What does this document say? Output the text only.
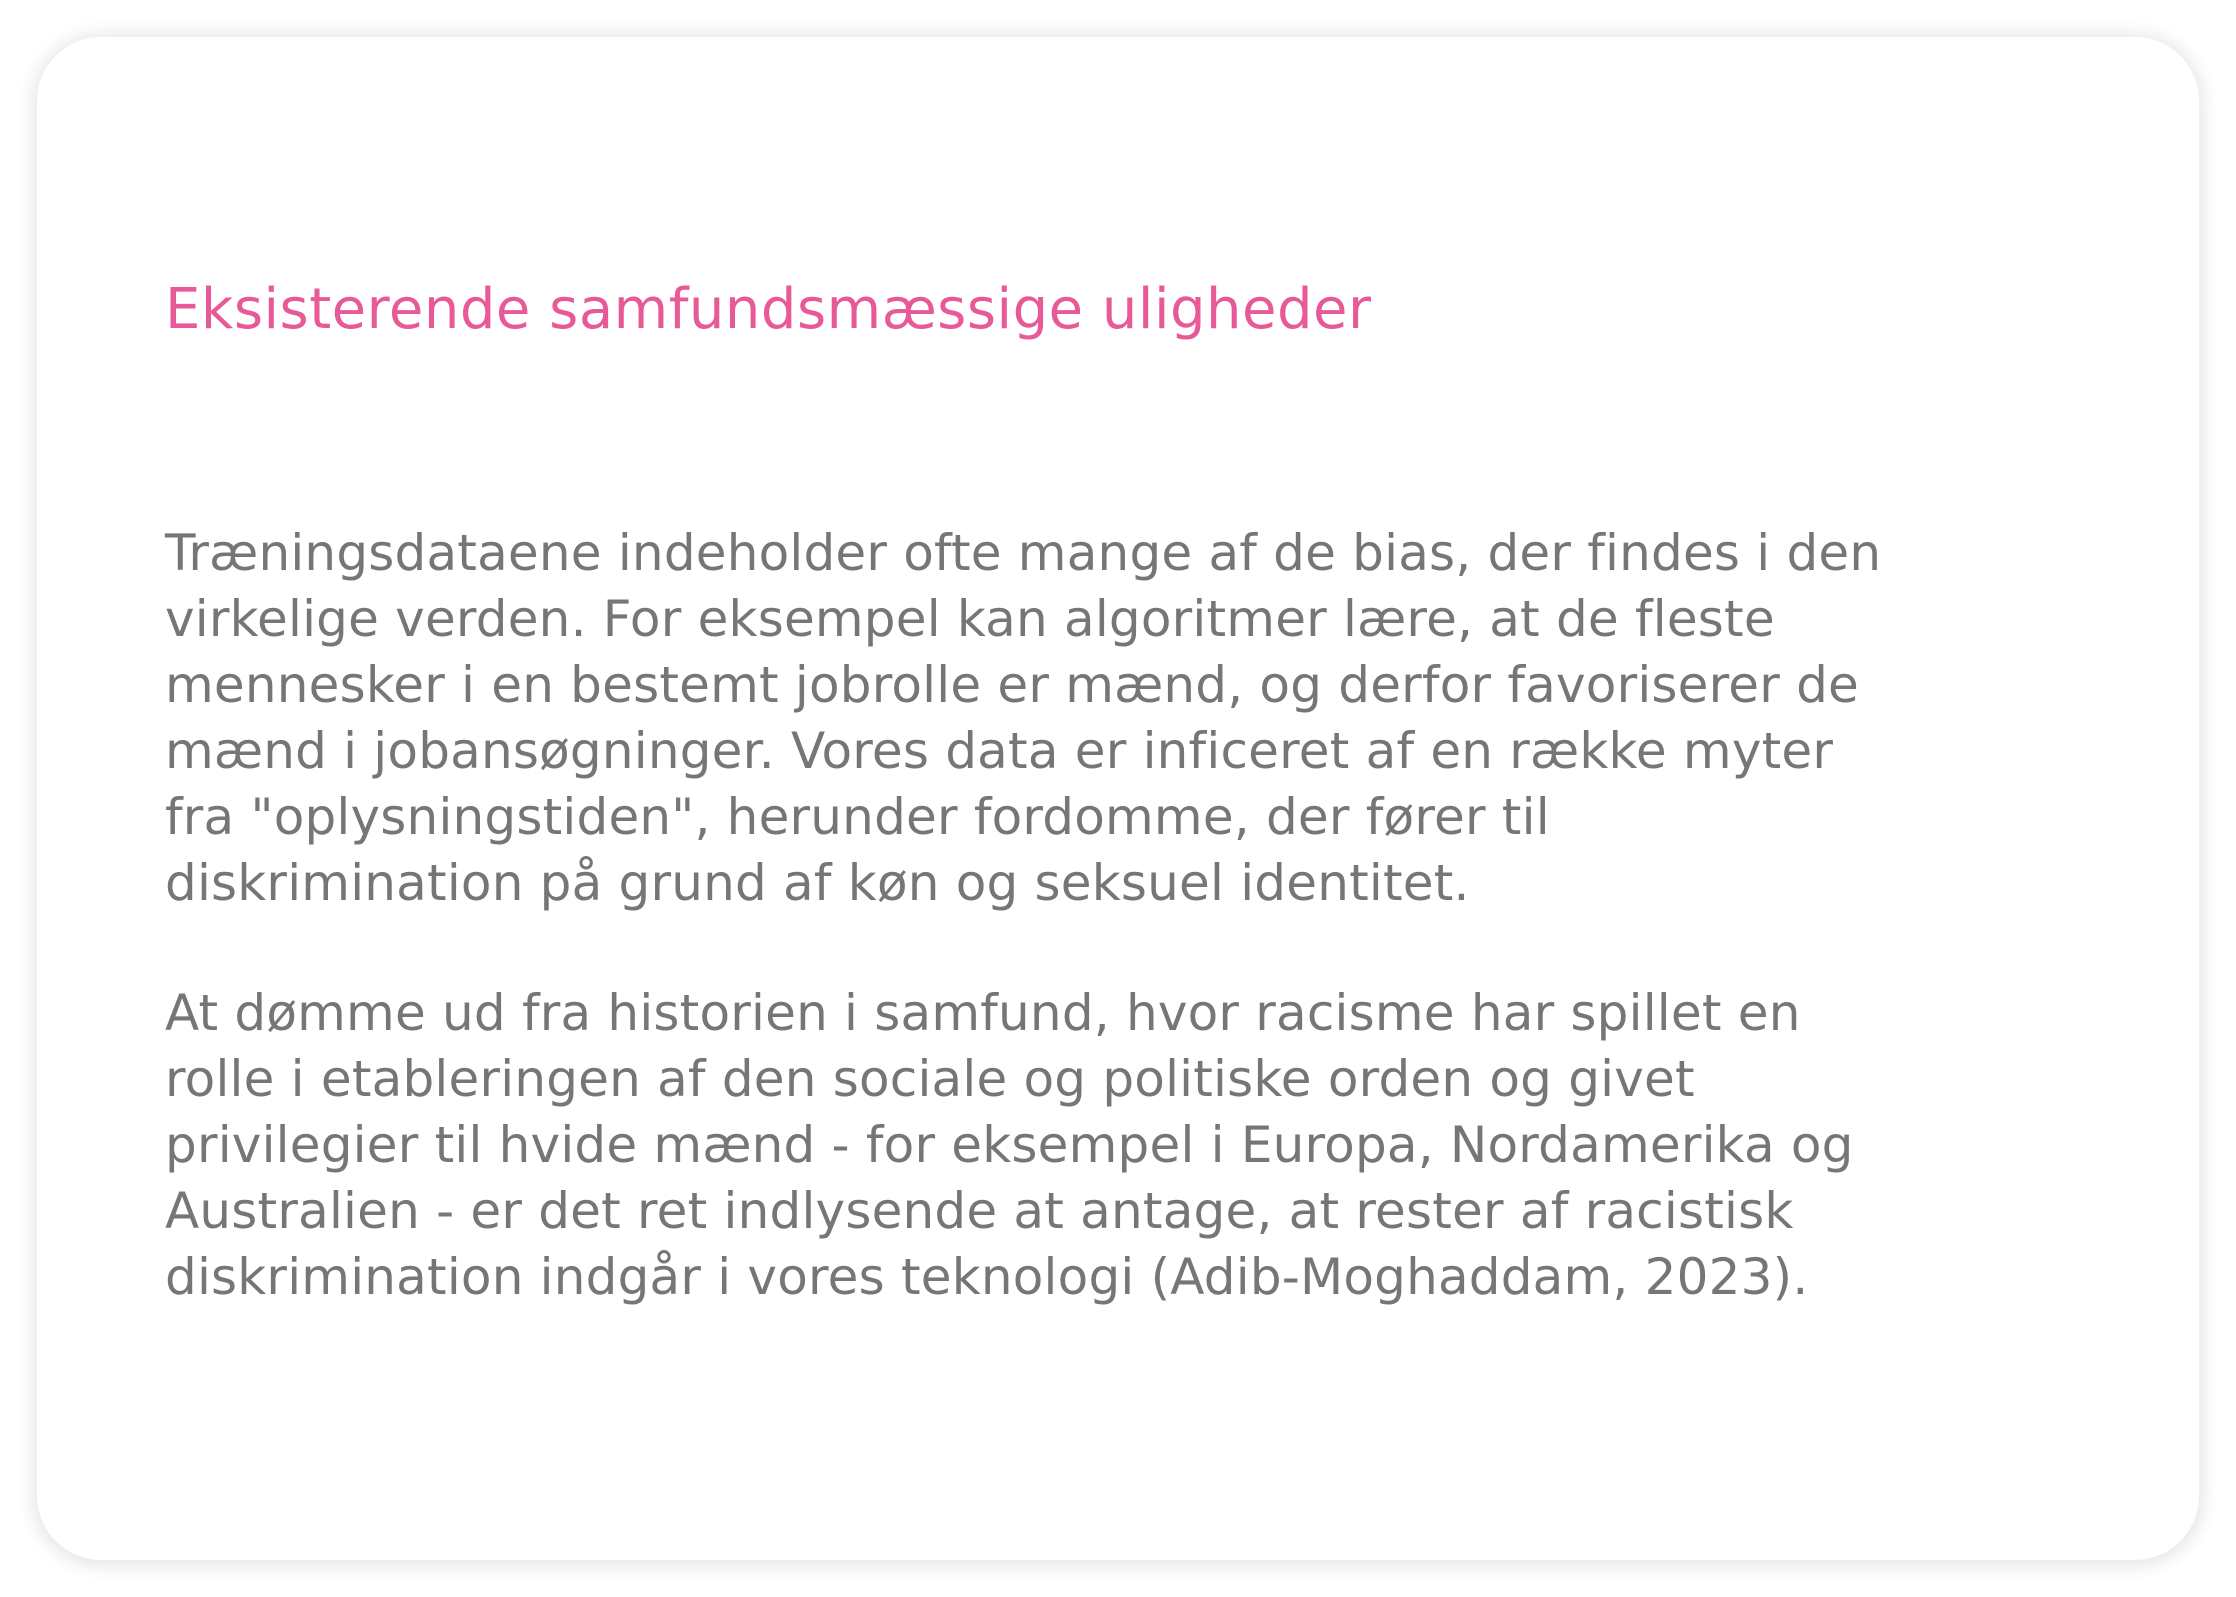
Eksisterende samfundsmæssige uligheder

Træningsdataene indeholder ofte mange af de bias, der findes i den
virkelige verden. For eksempel kan algoritmer lære, at de fleste
mennesker i en bestemt jobrolle er mænd, og derfor favoriserer de
mænd i jobansøgninger. Vores data er inficeret af en række myter
fra "oplysningstiden", herunder fordomme, der fører til
diskrimination på grund af køn og seksuel identitet.

At dømme ud fra historien i samfund, hvor racisme har spillet en
rolle i etableringen af den sociale og politiske orden og givet
privilegier til hvide mænd - for eksempel i Europa, Nordamerika og
Australien - er det ret indlysende at antage, at rester af racistisk
diskrimination indgår i vores teknologi (Adib-Moghaddam, 2023).
